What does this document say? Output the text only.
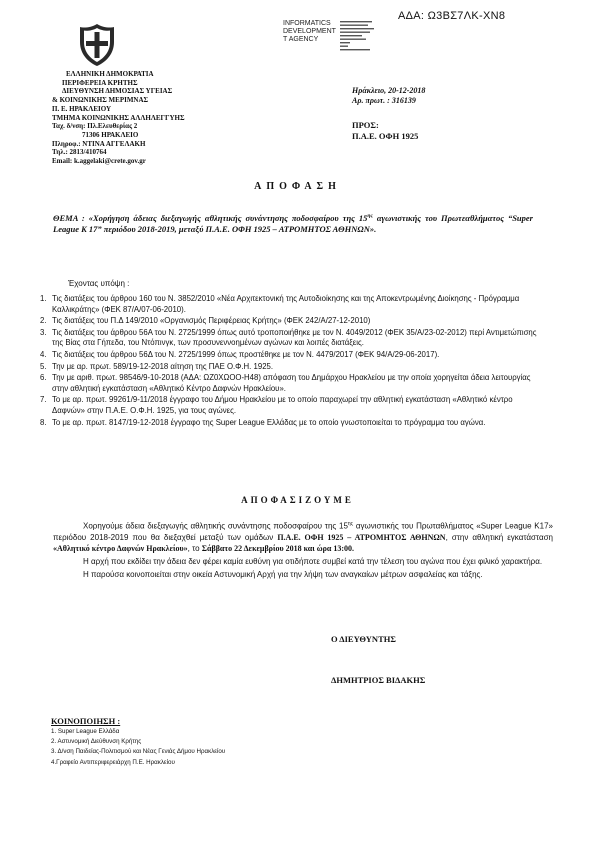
ΑΔΑ: Ω3ΒΣ7ΛΚ-ΧΝ8
INFORMATICS
DEVELOPMENT
T AGENCY
ΕΛΛΗΝΙΚΗ ΔΗΜΟΚΡΑΤΙΑ
ΠΕΡΙΦΕΡΕΙΑ ΚΡΗΤΗΣ
ΔΙΕΥΘΥΝΣΗ ΔΗΜΟΣΙΑΣ ΥΓΕΙΑΣ
& ΚΟΙΝΩΝΙΚΗΣ ΜΕΡΙΜΝΑΣ
Π. Ε. ΗΡΑΚΛΕΙΟΥ
ΤΜΗΜΑ ΚΟΙΝΩΝΙΚΗΣ ΑΛΛΗΛΕΓΓΥΗΣ
Ταχ. δ/νση: Πλ.Ελευθερίας 2
71306 ΗΡΑΚΛΕΙΟ
Πληροφ.: ΝΤΙΝΑ ΑΓΓΕΛΑΚΗ
Τηλ.: 2813/410764
Email: k.aggelaki@crete.gov.gr
Ηράκλειο, 20-12-2018
Αρ. πρωτ. : 316139
ΠΡΟΣ:
Π.Α.Ε. ΟΦΗ 1925
ΑΠΟΦΑΣΗ
ΘΕΜΑ : «Χορήγηση άδειας διεξαγωγής αθλητικής συνάντησης ποδοσφαίρου της $15^{\eta\varsigma}$ αγωνιστικής του Πρωτεαθλήματος “Super League K 17” περιόδου 2018-2019, μεταξύ Π.Α.Ε. ΟΦΗ 1925 – ΑΤΡΟΜΗΤΟΣ ΑΘΗΝΩΝ».
Έχοντας υπόψη :
1. Τις διατάξεις του άρθρου 160 του Ν. 3852/2010 «Νέα Αρχιτεκτονική της Αυτοδιοίκησης και της Αποκεντρωμένης Διοίκησης - Πρόγραμμα Καλλικράτης» (ΦΕΚ 87/Α/07-06-2010).
2. Τις διατάξεις του Π.Δ 149/2010 «Οργανισμός Περιφέρειας Κρήτης» (ΦΕΚ 242/Α/27-12-2010)
3. Τις διατάξεις του άρθρου 56Α του Ν. 2725/1999 όπως αυτό τροποποιήθηκε με τον Ν. 4049/2012 (ΦΕΚ 35/Α/23-02-2012) περί Αντιμετώπισης της Βίας στα Γήπεδα, του Ντόπινγκ, των προσυνεννοημένων αγώνων και λοιπές διατάξεις.
4. Τις διατάξεις του άρθρου 56Δ του Ν. 2725/1999 όπως προστέθηκε με τον Ν. 4479/2017 (ΦΕΚ 94/Α/29-06-2017).
5. Την με αρ. πρωτ. 589/19-12-2018 αίτηση της ΠΑΕ Ο.Φ.Η. 1925.
6. Την με αριθ. πρωτ. 98546/9-10-2018 (ΑΔΑ: ΩΖ0ΧΩΟΟ-Η48) απόφαση του Δημάρχου Ηρακλείου με την οποία χορηγείται άδεια λειτουργίας στην αθλητική εγκατάσταση «Αθλητικό Κέντρο Δαφνών Ηρακλείου».
7. Το με αρ. πρωτ. 99261/9-11/2018 έγγραφο του Δήμου Ηρακλείου με το οποίο παραχωρεί την αθλητική εγκατάσταση «Αθλητικό κέντρο Δαφνών» στην Π.Α.Ε. Ο.Φ.Η. 1925, για τους αγώνες.
8. Το με αρ. πρωτ. 8147/19-12-2018 έγγραφο της Super League Ελλάδας με το οποίο γνωστοποιείται το πρόγραμμα του αγώνα.
ΑΠΟΦΑΣΙΖΟΥΜΕ

Χορηγούμε άδεια διεξαγωγής αθλητικής συνάντησης ποδοσφαίρου της $15^{\eta\varsigma}$ αγωνιστικής του Πρωταθλήματος «Super League K17» περιόδου 2018-2019 που θα διεξαχθεί μεταξύ των ομάδων Π.Α.Ε. ΟΦΗ 1925 – ΑΤΡΟΜΗΤΟΣ ΑΘΗΝΩΝ, στην αθλητική εγκατάσταση «Αθλητικό κέντρο Δαφνών Ηρακλείου», το Σάββατο 22 Δεκεμβρίου 2018 και ώρα 13:00.

Η αρχή που εκδίδει την άδεια δεν φέρει καμία ευθύνη για οτιδήποτε συμβεί κατά την τέλεση του αγώνα που έχει φιλικό χαρακτήρα.

Η παρούσα κοινοποιείται στην οικεία Αστυνομική Αρχή για την λήψη των αναγκαίων μέτρων ασφαλείας και τάξης.

Ο ΔΙΕΥΘΥΝΤΗΣ
ΔΗΜΗΤΡΙΟΣ ΒΙΔΑΚΗΣ
ΚΟΙΝΟΠΟΙΗΣΗ :
1. Super League Ελλάδα
2. Αστυνομική Διεύθυνση Κρήτης
3. Δ/νση Παιδείας-Πολιτισμού και Νέας Γενιάς Δήμου Ηρακλείου
4.Γραφείο Αντιπεριφερειάρχη Π.Ε. Ηρακλείου
